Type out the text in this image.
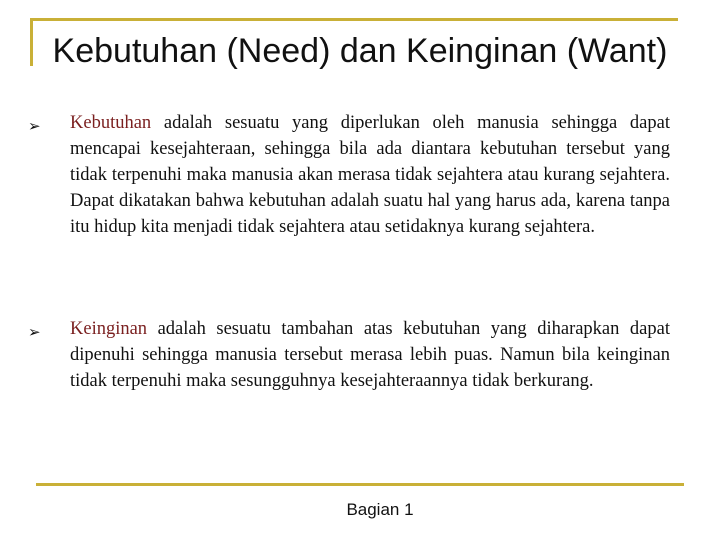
Kebutuhan (Need) dan Keinginan (Want)
➢ Kebutuhan adalah sesuatu yang diperlukan oleh manusia sehingga dapat mencapai kesejahteraan, sehingga bila ada diantara kebutuhan tersebut yang tidak terpenuhi maka manusia akan merasa tidak sejahtera atau kurang sejahtera. Dapat dikatakan bahwa kebutuhan adalah suatu hal yang harus ada, karena tanpa itu hidup kita menjadi tidak sejahtera atau setidaknya kurang sejahtera.
➢ Keinginan adalah sesuatu tambahan atas kebutuhan yang diharapkan dapat dipenuhi sehingga manusia tersebut merasa lebih puas. Namun bila keinginan tidak terpenuhi maka sesungguhnya kesejahteraannya tidak berkurang.
Bagian 1
